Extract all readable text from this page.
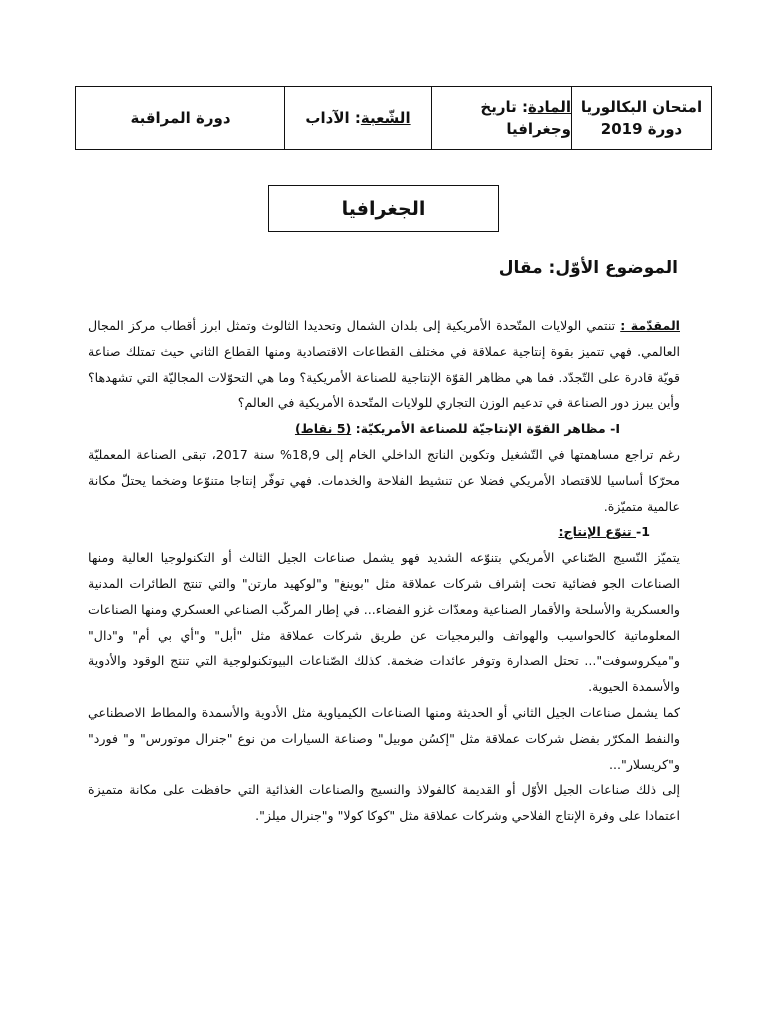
امتحان البكالوريا
دورة 2019
المادة: تاريخ وجغرافيا
الشّعبة: الآداب
دورة المراقبة
الجغرافيا
الموضوع الأوّل: مقال

المقدّمة : تنتمي الولايات المتّحدة الأمريكية إلى بلدان الشمال وتحديدا الثالوث وتمثل ابرز أقطاب مركز المجال العالمي. فهي تتميز بقوة إنتاجية عملاقة في مختلف القطاعات الاقتصادية ومنها القطاع الثاني حيث تمتلك صناعة قويّة قادرة على التّجدّد. فما هي مظاهر القوّة الإنتاجية للصناعة الأمريكية؟ وما هي التحوّلات المجاليّة التي تشهدها؟ وأين يبرز دور الصناعة في تدعيم الوزن التجاري للولايات المتّحدة الأمريكية في العالم؟

I- مظاهر القوّة الإنتاجيّة للصناعة الأمريكيّة: (5 نقاط)

رغم تراجع مساهمتها في التّشغيل وتكوين الناتج الداخلي الخام إلى 18,9% سنة 2017، تبقى الصناعة المعمليّة محرّكا أساسيا للاقتصاد الأمريكي فضلا عن تنشيط الفلاحة والخدمات. فهي توفّر إنتاجا متنوّعا وضخما يحتلّ مكانة عالمية متميّزة.

1- تنوّع الإنتاج:

يتميّز النّسيج الصّناعي الأمريكي بتنوّعه الشديد فهو يشمل صناعات الجيل الثالث أو التكنولوجيا العالية ومنها الصناعات الجو فضائية تحت إشراف شركات عملاقة مثل "بوينغ" و"لوكهيد مارتن" والتي تنتج الطائرات المدنية والعسكرية والأسلحة والأقمار الصناعية ومعدّات غزو الفضاء... في إطار المركّب الصناعي العسكري ومنها الصناعات المعلوماتية كالحواسيب والهواتف والبرمجيات عن طريق شركات عملاقة مثل "أبل" و"أي بي أم" و"دال" و"ميكروسوفت"... تحتل الصدارة وتوفر عائدات ضخمة. كذلك الصّناعات البيوتكنولوجية التي تنتج الوقود والأدوية والأسمدة الحيوية.

كما يشمل صناعات الجيل الثاني أو الحديثة ومنها الصناعات الكيمياوية مثل الأدوية والأسمدة والمطاط الاصطناعي والنفط المكرّر بفضل شركات عملاقة مثل "إكسُن موبيل" وصناعة السيارات من نوع "جنرال موتورس" و" فورد" و"كريسلار"...

إلى ذلك صناعات الجيل الأوّل أو القديمة كالفولاذ والنسيج والصناعات الغذائية التي حافظت على مكانة متميزة اعتمادا على وفرة الإنتاج الفلاحي وشركات عملاقة مثل "كوكا كولا" و"جنرال ميلز".
